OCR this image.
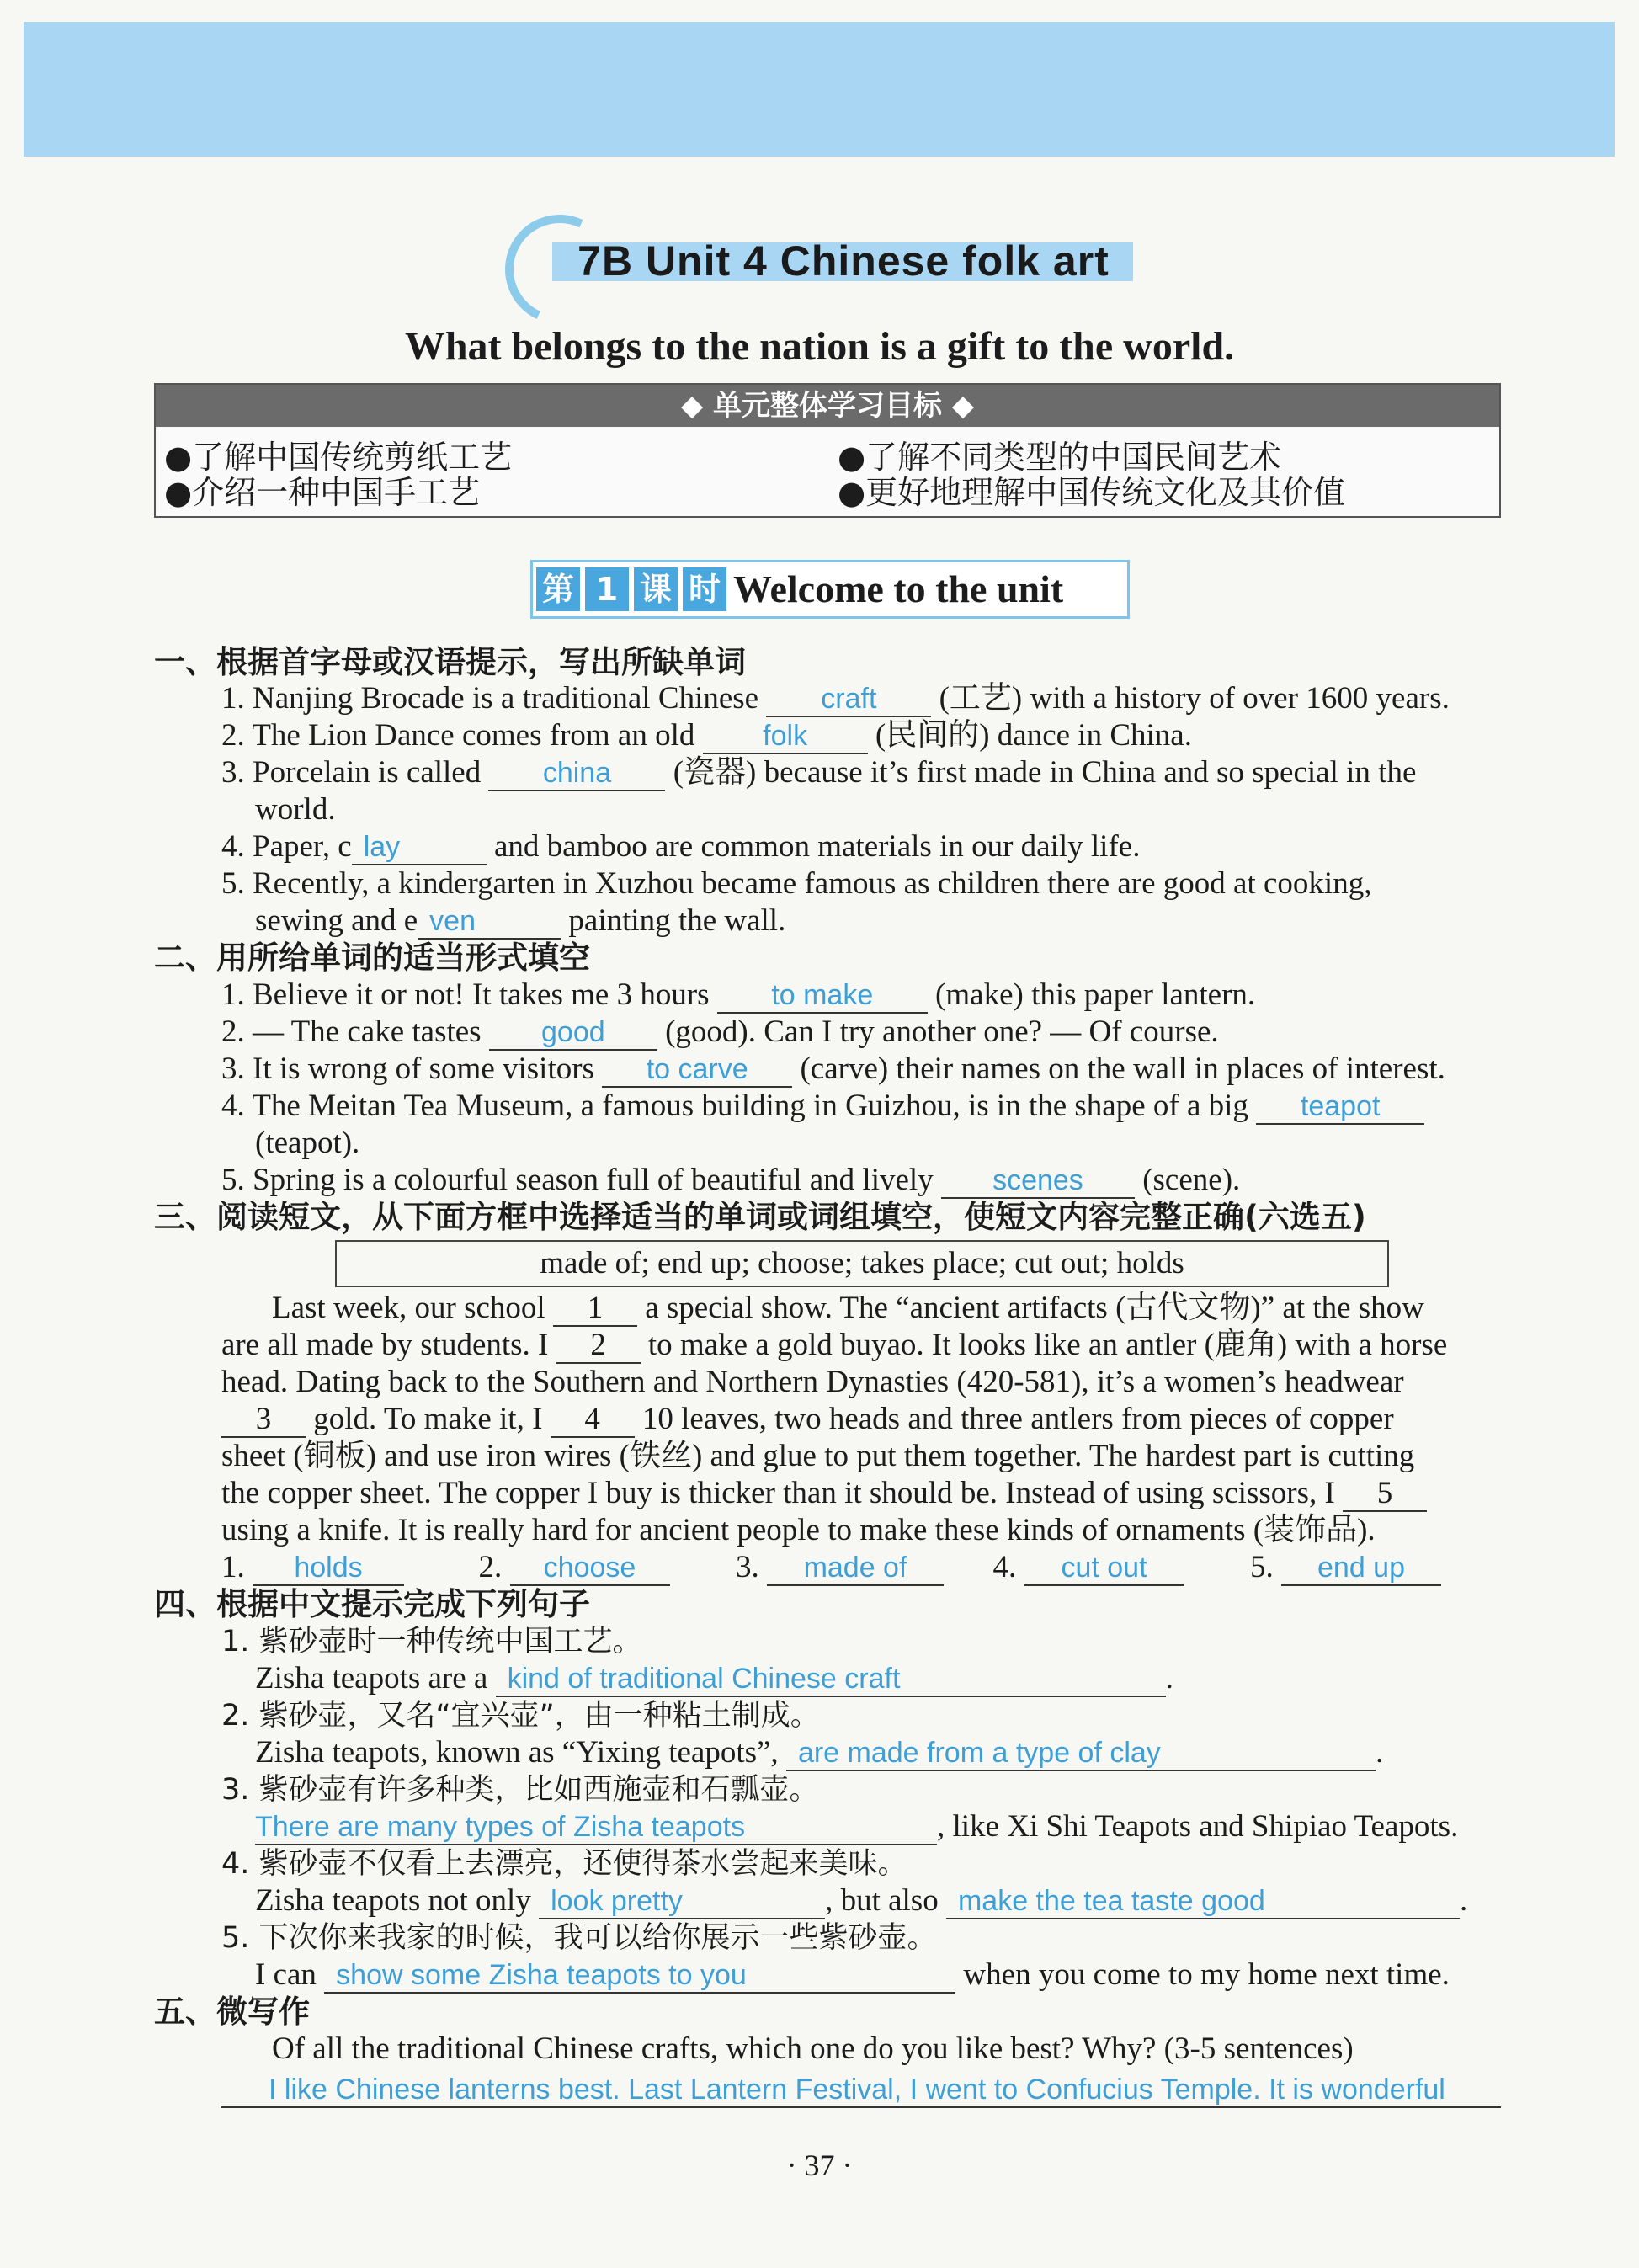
7B Unit 4 Chinese folk art
What belongs to the nation is a gift to the world.
◆ 单元整体学习目标 ◆
●了解中国传统剪纸工艺	●了解不同类型的中国民间艺术
●介绍一种中国手工艺	●更好地理解中国传统文化及其价值
第 1 课 时 Welcome to the unit
一、根据首字母或汉语提示，写出所缺单词
1. Nanjing Brocade is a traditional Chinese craft (工艺) with a history of over 1600 years.
2. The Lion Dance comes from an old folk (民间的) dance in China.
3. Porcelain is called china (瓷器) because it’s first made in China and so special in the
world.
4. Paper, c lay	and bamboo are common materials in our daily life.
5. Recently, a kindergarten in Xuzhou became famous as children there are good at cooking,
sewing and e ven	painting the wall.
二、用所给单词的适当形式填空
1. Believe it or not! It takes me 3 hours to make (make) this paper lantern.
2. — The cake tastes good (good). Can I try another one? — Of course.
3. It is wrong of some visitors to carve (carve) their names on the wall in places of interest.
4. The Meitan Tea Museum, a famous building in Guizhou, is in the shape of a big teapot
(teapot).
5. Spring is a colourful season full of beautiful and lively scenes (scene).
三、阅读短文，从下面方框中选择适当的单词或词组填空，使短文内容完整正确(六选五)
made of; end up; choose; takes place; cut out; holds
Last week, our school 1 a special show. The “ancient artifacts (古代文物)” at the show
are all made by students. I 2 to make a gold buyao. It looks like an antler (鹿角) with a horse
head. Dating back to the Southern and Northern Dynasties (420-581), it’s a women’s headwear
3 gold. To make it, I 4 10 leaves, two heads and three antlers from pieces of copper
sheet (铜板) and use iron wires (铁丝) and glue to put them together. The hardest part is cutting
the copper sheet. The copper I buy is thicker than it should be. Instead of using scissors, I 5
using a knife. It is really hard for ancient people to make these kinds of ornaments (装饰品).
1. holds	2. choose	3. made of	4. cut out	5. end up
四、根据中文提示完成下列句子
1. 紫砂壶时一种传统中国工艺。
Zisha teapots are a kind of traditional Chinese craft	.
2. 紫砂壶，又名“宜兴壶”，由一种粘土制成。
Zisha teapots, known as “Yixing teapots”, are made from a type of clay	.
3. 紫砂壶有许多种类，比如西施壶和石瓢壶。
There are many types of Zisha teapots	, like Xi Shi Teapots and Shipiao Teapots.
4. 紫砂壶不仅看上去漂亮，还使得茶水尝起来美味。
Zisha teapots not only look pretty	, but also make the tea taste good	.
5. 下次你来我家的时候，我可以给你展示一些紫砂壶。
I can show some Zisha teapots to you	when you come to my home next time.
五、微写作
Of all the traditional Chinese crafts, which one do you like best? Why? (3-5 sentences)
I like Chinese lanterns best. Last Lantern Festival, I went to Confucius Temple. It is wonderful
· 37 ·
